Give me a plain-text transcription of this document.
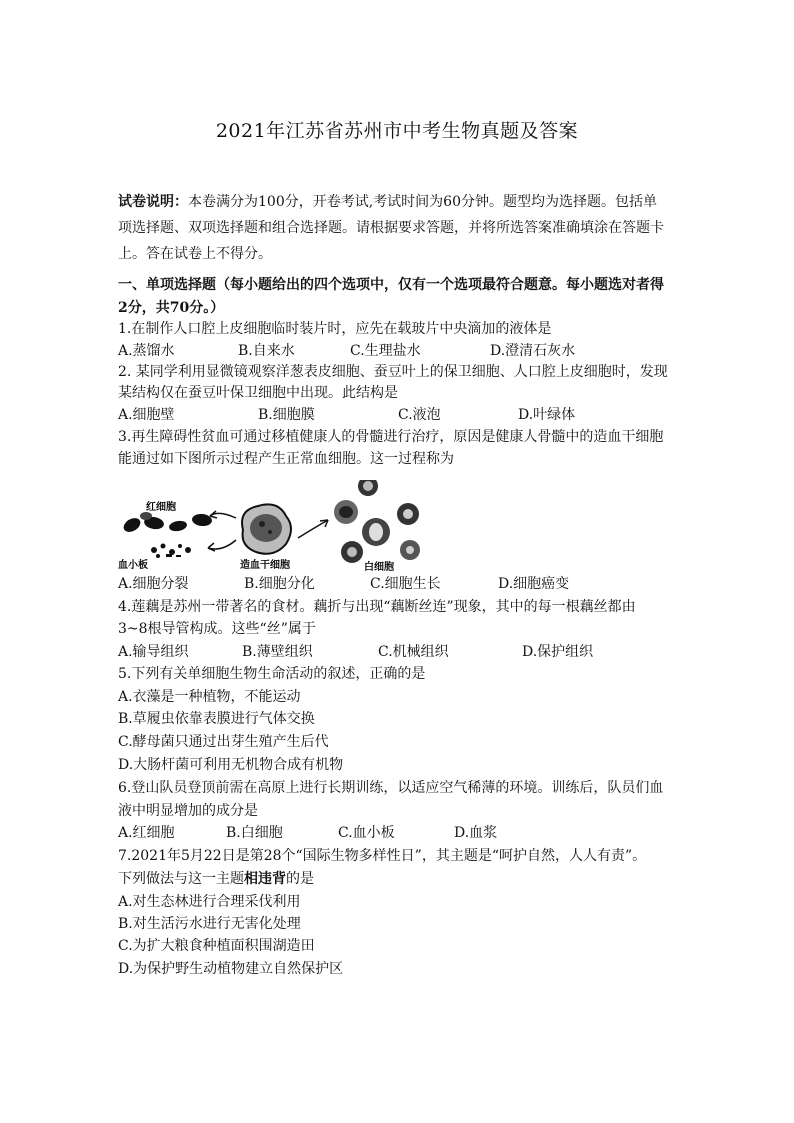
2021年江苏省苏州市中考生物真题及答案
试卷说明：本卷满分为100分，开卷考试,考试时间为60分钟。题型均为选择题。包括单
项选择题、双项选择题和组合选择题。请根据要求答题，并将所选答案准确填涂在答题卡
上。答在试卷上不得分。
一、单项选择题（每小题给出的四个选项中，仅有一个选项最符合题意。每小题选对者得
2分，共70分。）
1.在制作人口腔上皮细胞临时装片时，应先在载玻片中央滴加的液体是
A.蒸馏水	B.自来水	C.生理盐水	D.澄清石灰水
2. 某同学利用显微镜观察洋葱表皮细胞、蚕豆叶上的保卫细胞、人口腔上皮细胞时，发现
某结构仅在蚕豆叶保卫细胞中出现。此结构是
A.细胞壁	B.细胞膜	C.液泡	D.叶绿体
3.再生障碍性贫血可通过移植健康人的骨髓进行治疗，原因是健康人骨髓中的造血干细胞
能通过如下图所示过程产生正常血细胞。这一过程称为
红细胞
血小板	造血干细胞	白细胞
A.细胞分裂	B.细胞分化	C.细胞生长	D.细胞癌变
4.莲藕是苏州一带著名的食材。藕折与出现“藕断丝连”现象，其中的每一根藕丝都由
3~8根导管构成。这些“丝”属于
A.输导组织	B.薄壁组织	C.机械组织	D.保护组织
5.下列有关单细胞生物生命活动的叙述，正确的是
A.衣藻是一种植物，不能运动
B.草履虫依靠表膜进行气体交换
C.酵母菌只通过出芽生殖产生后代
D.大肠杆菌可利用无机物合成有机物
6.登山队员登顶前需在高原上进行长期训练，以适应空气稀薄的环境。训练后，队员们血
液中明显增加的成分是
A.红细胞	B.白细胞	C.血小板	D.血浆
7.2021年5月22日是第28个“国际生物多样性日”，其主题是“呵护自然，人人有责”。
下列做法与这一主题相违背的是
A.对生态林进行合理采伐利用
B.对生活污水进行无害化处理
C.为扩大粮食种植面积围湖造田
D.为保护野生动植物建立自然保护区
